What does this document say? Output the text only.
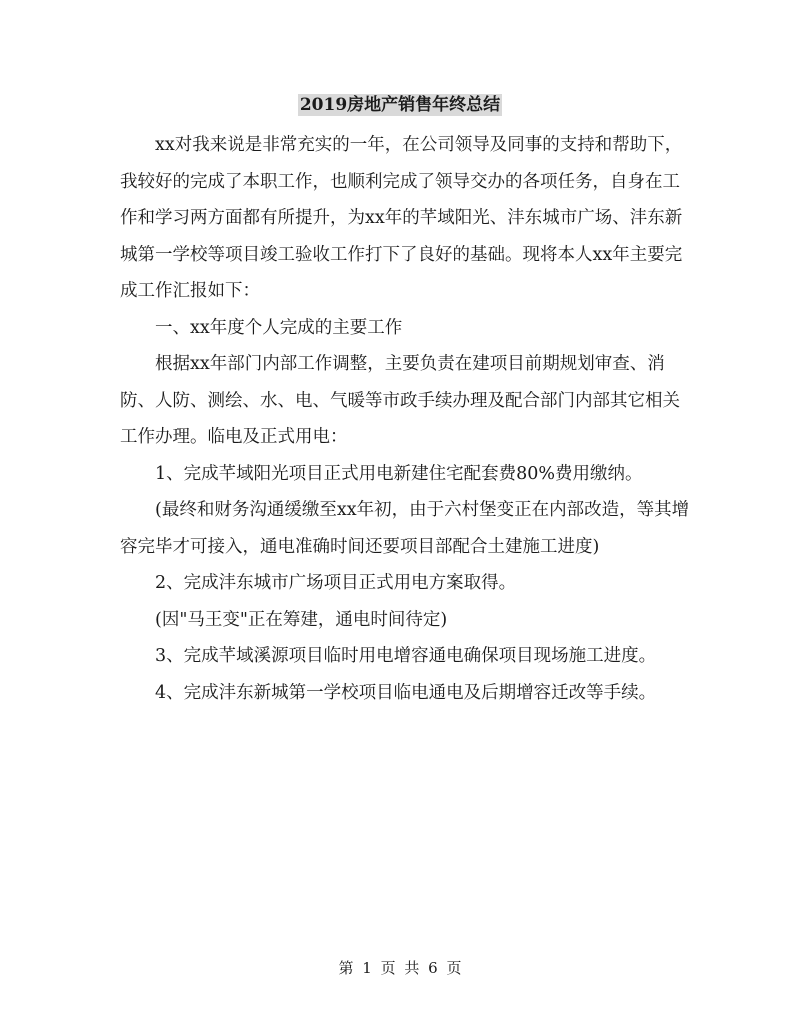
2019房地产销售年终总结

xx对我来说是非常充实的一年，在公司领导及同事的支持和帮助下，我较好的完成了本职工作，也顺利完成了领导交办的各项任务，自身在工作和学习两方面都有所提升，为xx年的芊域阳光、沣东城市广场、沣东新城第一学校等项目竣工验收工作打下了良好的基础。现将本人xx年主要完成工作汇报如下：

一、xx年度个人完成的主要工作

根据xx年部门内部工作调整，主要负责在建项目前期规划审查、消防、人防、测绘、水、电、气暖等市政手续办理及配合部门内部其它相关工作办理。临电及正式用电：

1、完成芊域阳光项目正式用电新建住宅配套费80%费用缴纳。

(最终和财务沟通缓缴至xx年初，由于六村堡变正在内部改造，等其增容完毕才可接入，通电准确时间还要项目部配合土建施工进度)

2、完成沣东城市广场项目正式用电方案取得。

(因"马王变"正在筹建，通电时间待定)

3、完成芊域溪源项目临时用电增容通电确保项目现场施工进度。

4、完成沣东新城第一学校项目临电通电及后期增容迁改等手续。

第 1 页 共 6 页
